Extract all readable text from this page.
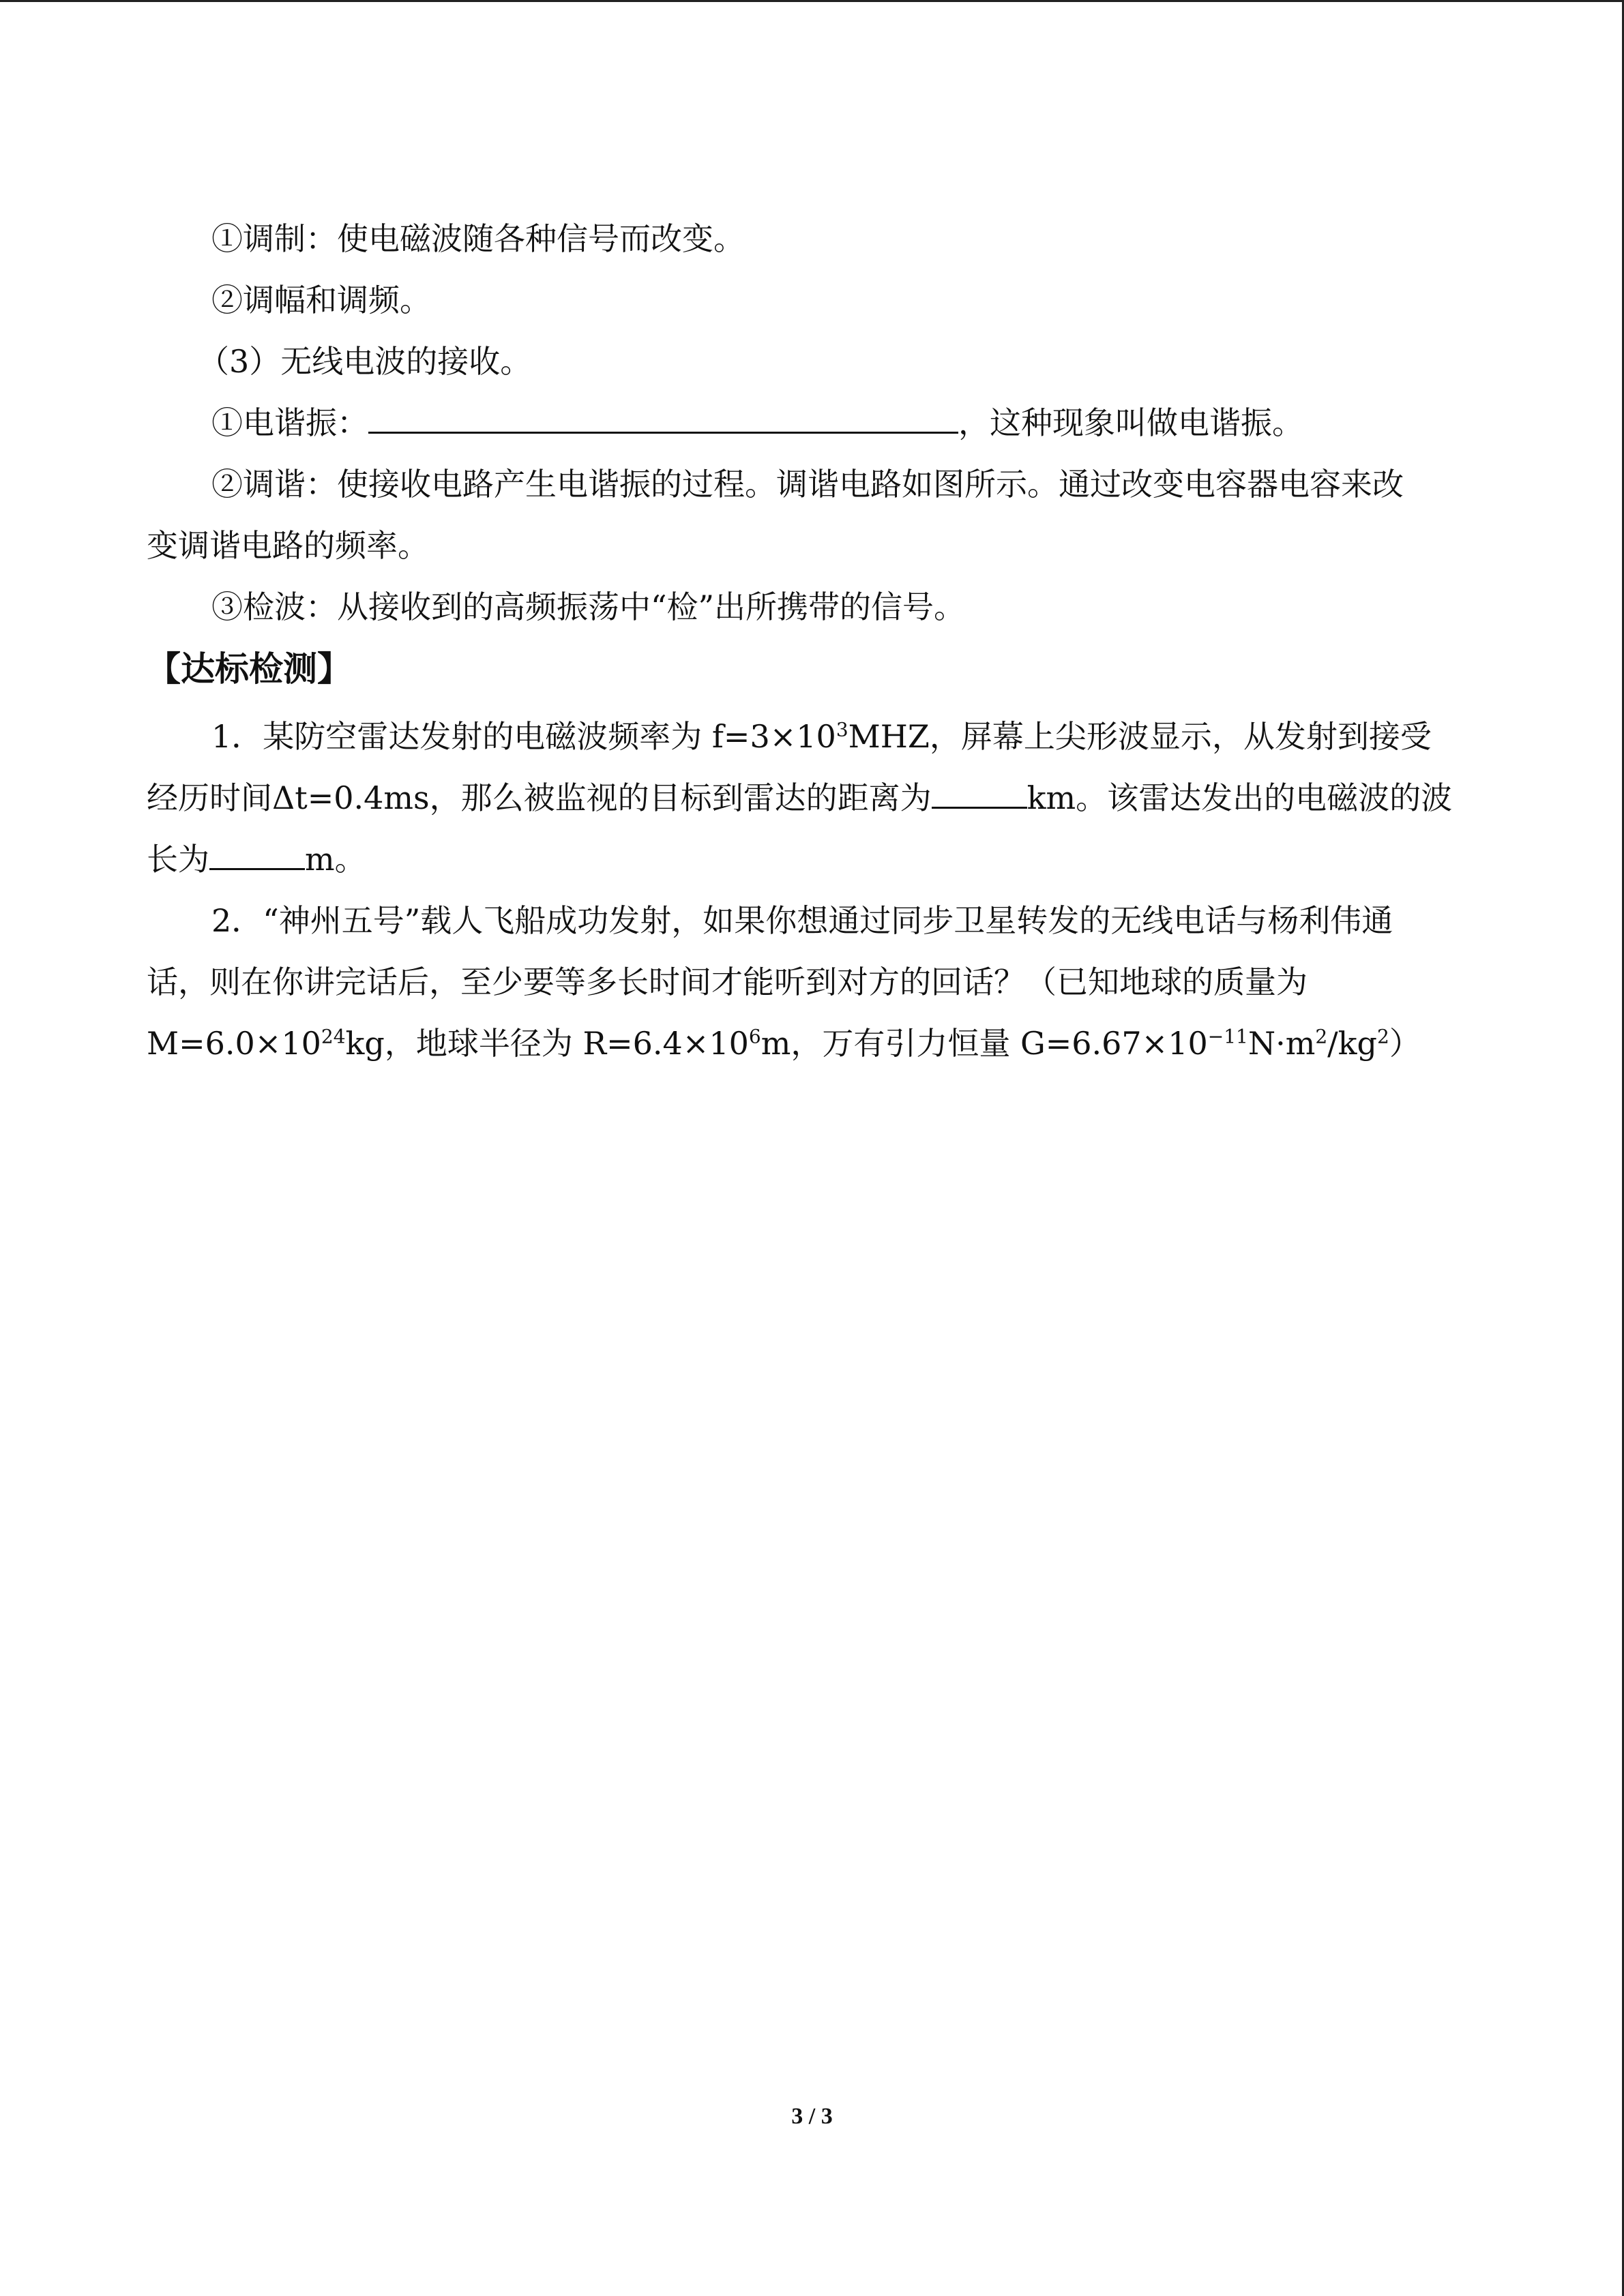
①调制：使电磁波随各种信号而改变。
②调幅和调频。
（3）无线电波的接收。
①电谐振：	，这种现象叫做电谐振。
②调谐：使接收电路产生电谐振的过程。调谐电路如图所示。通过改变电容器电容来改
变调谐电路的频率。
③检波：从接收到的高频振荡中“检”出所携带的信号。
【达标检测】
1．某防空雷达发射的电磁波频率为 $f=3\times 10^3MHZ$，屏幕上尖形波显示，从发射到接受
经历时间Δt=0.4ms，那么被监视的目标到雷达的距离为	km。该雷达发出的电磁波的波
长为	m。
2．“神州五号”载人飞船成功发射，如果你想通过同步卫星转发的无线电话与杨利伟通
话，则在你讲完话后，至少要等多长时间才能听到对方的回话？（已知地球的质量为
$M=6.0\times 10^{24}kg$，地球半径为 $R=6.4\times 10^6m$，万有引力恒量 $G=6.67\times 10^{-11}N\cdot m^2/kg^2$）
3 / 3
